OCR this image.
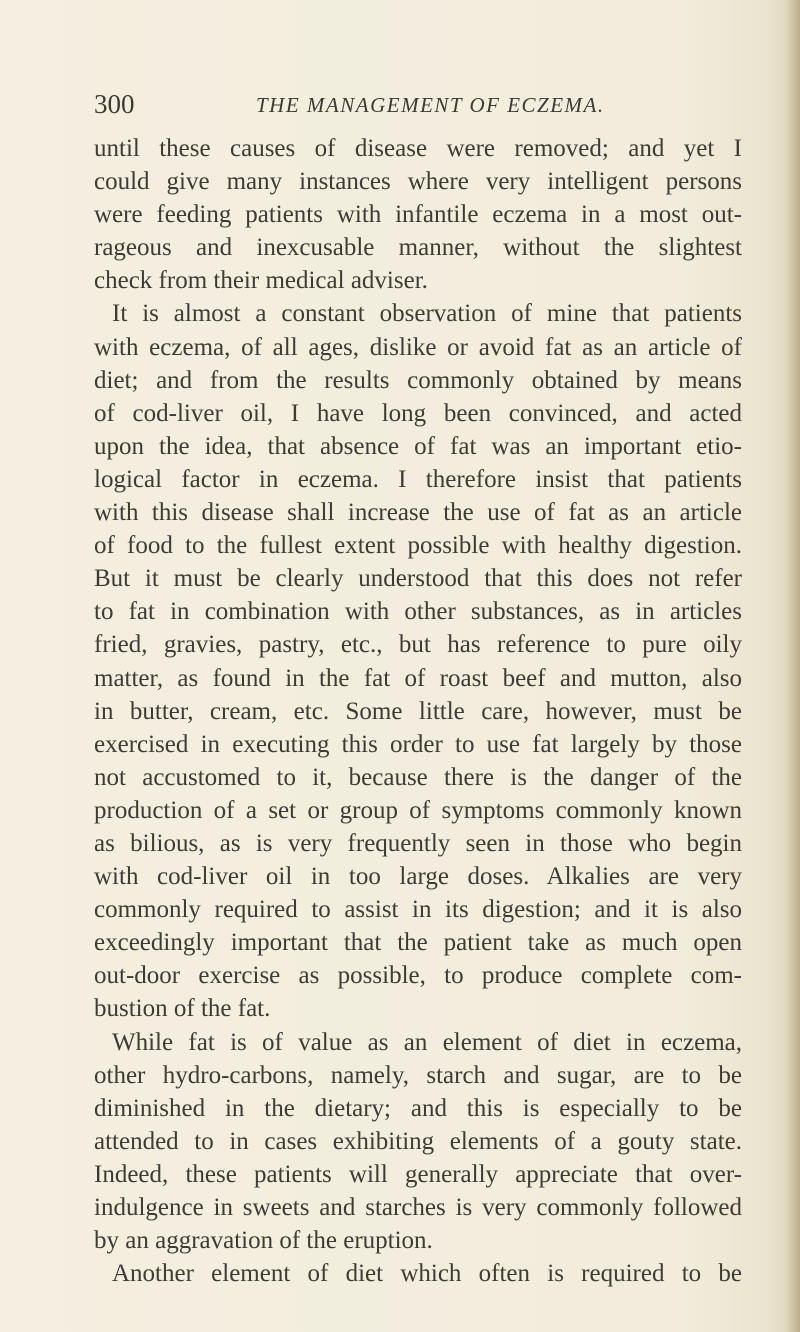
300	THE MANAGEMENT OF ECZEMA.
until these causes of disease were removed; and yet I
could give many instances where very intelligent persons
were feeding patients with infantile eczema in a most out-
rageous and inexcusable manner, without the slightest
check from their medical adviser.
It is almost a constant observation of mine that patients
with eczema, of all ages, dislike or avoid fat as an article of
diet; and from the results commonly obtained by means
of cod-liver oil, I have long been convinced, and acted
upon the idea, that absence of fat was an important etio-
logical factor in eczema. I therefore insist that patients
with this disease shall increase the use of fat as an article
of food to the fullest extent possible with healthy digestion.
But it must be clearly understood that this does not refer
to fat in combination with other substances, as in articles
fried, gravies, pastry, etc., but has reference to pure oily
matter, as found in the fat of roast beef and mutton, also
in butter, cream, etc. Some little care, however, must be
exercised in executing this order to use fat largely by those
not accustomed to it, because there is the danger of the
production of a set or group of symptoms commonly known
as bilious, as is very frequently seen in those who begin
with cod-liver oil in too large doses. Alkalies are very
commonly required to assist in its digestion; and it is also
exceedingly important that the patient take as much open
out-door exercise as possible, to produce complete com-
bustion of the fat.
While fat is of value as an element of diet in eczema,
other hydro-carbons, namely, starch and sugar, are to be
diminished in the dietary; and this is especially to be
attended to in cases exhibiting elements of a gouty state.
Indeed, these patients will generally appreciate that over-
indulgence in sweets and starches is very commonly followed
by an aggravation of the eruption.
Another element of diet which often is required to be
